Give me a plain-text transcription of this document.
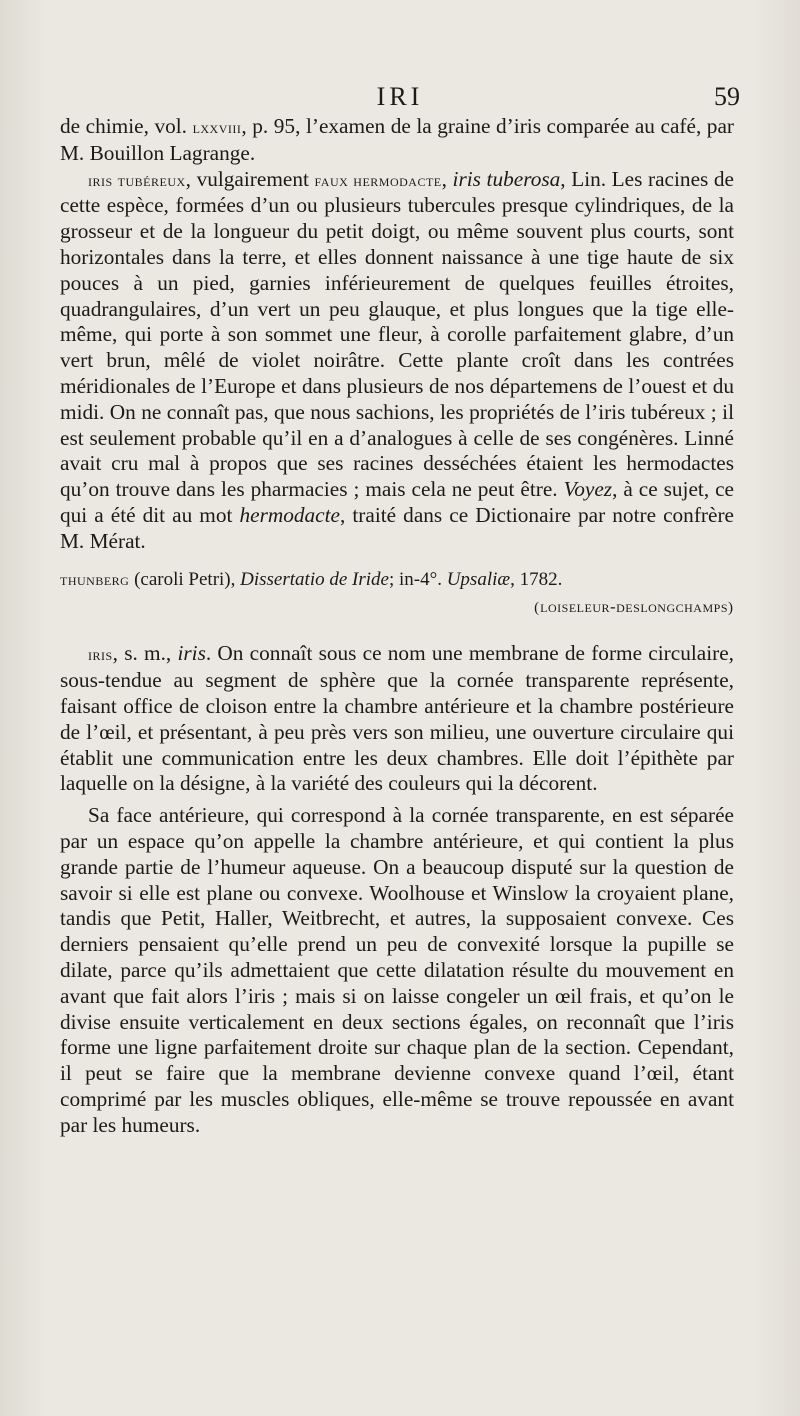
IRI	59

de chimie, vol. lxxviii, p. 95, l’examen de la graine d’iris comparée au café, par M. Bouillon Lagrange.

iris tubéreux, vulgairement faux hermodacte, iris tuberosa, Lin. Les racines de cette espèce, formées d’un ou plusieurs tubercules presque cylindriques, de la grosseur et de la longueur du petit doigt, ou même souvent plus courts, sont horizontales dans la terre, et elles donnent naissance à une tige haute de six pouces à un pied, garnies inférieurement de quelques feuilles étroites, quadrangulaires, d’un vert un peu glauque, et plus longues que la tige elle-même, qui porte à son sommet une fleur, à corolle parfaitement glabre, d’un vert brun, mêlé de violet noirâtre. Cette plante croît dans les contrées méridionales de l’Europe et dans plusieurs de nos départemens de l’ouest et du midi. On ne connaît pas, que nous sachions, les propriétés de l’iris tubéreux ; il est seulement probable qu’il en a d’analogues à celle de ses congénères. Linné avait cru mal à propos que ses racines desséchées étaient les hermodactes qu’on trouve dans les pharmacies ; mais cela ne peut être. Voyez, à ce sujet, ce qui a été dit au mot hermodacte, traité dans ce Dictionaire par notre confrère M. Mérat.

thunberg (caroli Petri), Dissertatio de Iride; in-4°. Upsaliæ, 1782.

(loiseleur-deslongchamps)

iris, s. m., iris. On connaît sous ce nom une membrane de forme circulaire, sous-tendue au segment de sphère que la cornée transparente représente, faisant office de cloison entre la chambre antérieure et la chambre postérieure de l’œil, et présentant, à peu près vers son milieu, une ouverture circulaire qui établit une communication entre les deux chambres. Elle doit l’épithète par laquelle on la désigne, à la variété des couleurs qui la décorent.

Sa face antérieure, qui correspond à la cornée transparente, en est séparée par un espace qu’on appelle la chambre antérieure, et qui contient la plus grande partie de l’humeur aqueuse. On a beaucoup disputé sur la question de savoir si elle est plane ou convexe. Woolhouse et Winslow la croyaient plane, tandis que Petit, Haller, Weitbrecht, et autres, la supposaient convexe. Ces derniers pensaient qu’elle prend un peu de convexité lorsque la pupille se dilate, parce qu’ils admettaient que cette dilatation résulte du mouvement en avant que fait alors l’iris ; mais si on laisse congeler un œil frais, et qu’on le divise ensuite verticalement en deux sections égales, on reconnaît que l’iris forme une ligne parfaitement droite sur chaque plan de la section. Cependant, il peut se faire que la membrane devienne convexe quand l’œil, étant comprimé par les muscles obliques, elle-même se trouve repoussée en avant par les humeurs.
